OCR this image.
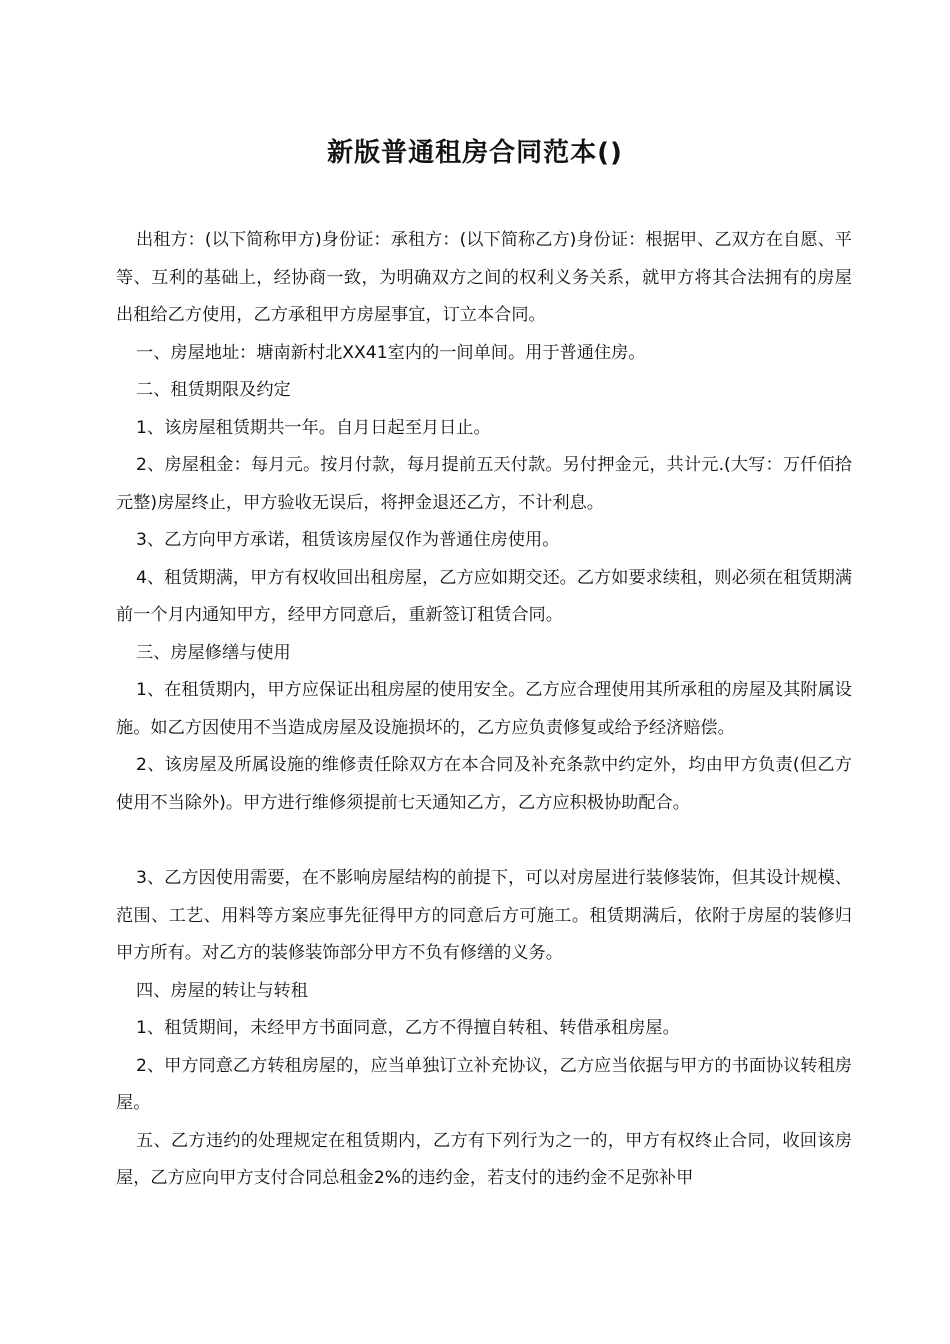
新版普通租房合同范本()

出租方：(以下简称甲方)身份证：承租方：(以下简称乙方)身份证：根据甲、乙双方在自愿、平等、互利的基础上，经协商一致，为明确双方之间的权利义务关系，就甲方将其合法拥有的房屋出租给乙方使用，乙方承租甲方房屋事宜，订立本合同。

一、房屋地址：塘南新村北XX41室内的一间单间。用于普通住房。

二、租赁期限及约定

1、该房屋租赁期共一年。自月日起至月日止。

2、房屋租金：每月元。按月付款，每月提前五天付款。另付押金元，共计元.(大写：万仟佰拾元整)房屋终止，甲方验收无误后，将押金退还乙方，不计利息。

3、乙方向甲方承诺，租赁该房屋仅作为普通住房使用。

4、租赁期满，甲方有权收回出租房屋，乙方应如期交还。乙方如要求续租，则必须在租赁期满前一个月内通知甲方，经甲方同意后，重新签订租赁合同。

三、房屋修缮与使用

1、在租赁期内，甲方应保证出租房屋的使用安全。乙方应合理使用其所承租的房屋及其附属设施。如乙方因使用不当造成房屋及设施损坏的，乙方应负责修复或给予经济赔偿。

2、该房屋及所属设施的维修责任除双方在本合同及补充条款中约定外，均由甲方负责(但乙方使用不当除外)。甲方进行维修须提前七天通知乙方，乙方应积极协助配合。

3、乙方因使用需要，在不影响房屋结构的前提下，可以对房屋进行装修装饰，但其设计规模、范围、工艺、用料等方案应事先征得甲方的同意后方可施工。租赁期满后，依附于房屋的装修归甲方所有。对乙方的装修装饰部分甲方不负有修缮的义务。

四、房屋的转让与转租

1、租赁期间，未经甲方书面同意，乙方不得擅自转租、转借承租房屋。

2、甲方同意乙方转租房屋的，应当单独订立补充协议，乙方应当依据与甲方的书面协议转租房屋。

五、乙方违约的处理规定在租赁期内，乙方有下列行为之一的，甲方有权终止合同，收回该房屋，乙方应向甲方支付合同总租金2%的违约金，若支付的违约金不足弥补甲
